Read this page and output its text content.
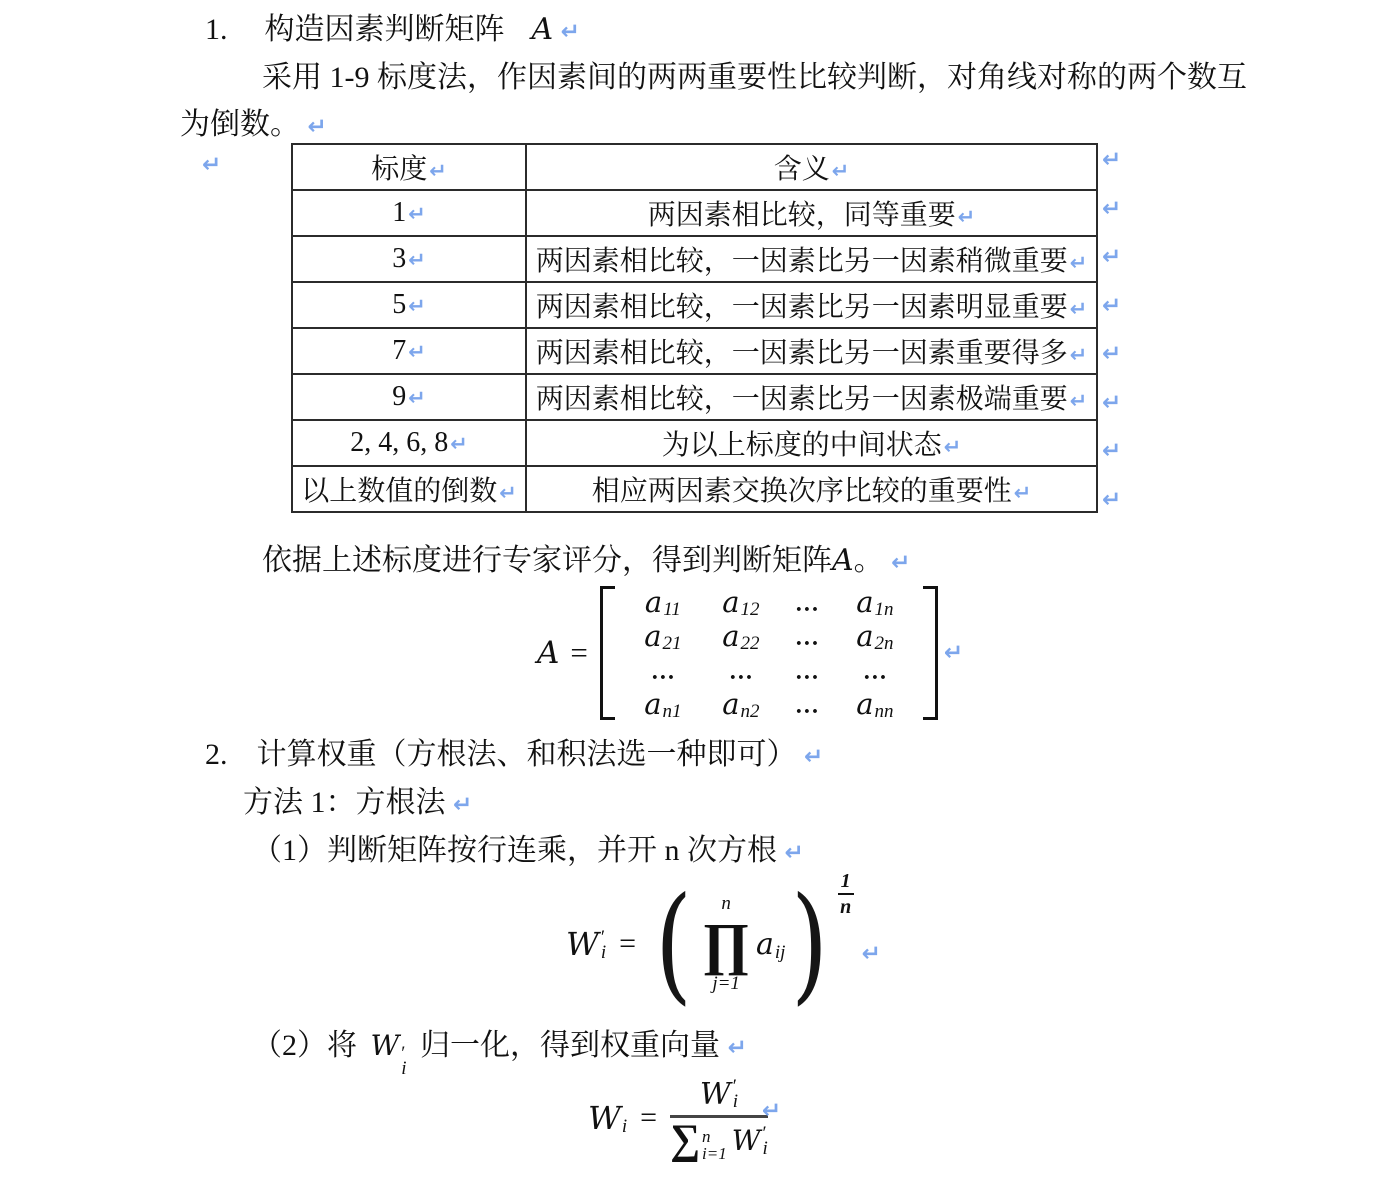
1. 构造因素判断矩阵 A ↵
采用 1-9 标度法，作因素间的两两重要性比较判断，对角线对称的两个数互
为倒数。 ↵
↵	标度↵	含义↵
1↵	两因素相比较，同等重要↵
3↵	两因素相比较，一因素比另一因素稍微重要↵
5↵	两因素相比较，一因素比另一因素明显重要↵
7↵	两因素相比较，一因素比另一因素重要得多↵
9↵	两因素相比较，一因素比另一因素极端重要↵
2, 4, 6, 8↵	为以上标度的中间状态↵
以上数值的倒数↵	相应两因素交换次序比较的重要性↵
↵
↵
↵
↵
↵
↵
↵
↵
依据上述标度进行专家评分，得到判断矩阵A。 ↵
A =
a 11 a 12 … a 1n
a 21 a 22 … a 2n
… … … …
a n1 a n2 … a nn
↵
2. 计算权重（方根法、和积法选一种即可） ↵
方法 1：方根法 ↵
（1）判断矩阵按行连乘，并开 n 次方根 ↵
W ′
i = ( n
∏
j=1
a ij ) 1
n
↵
（2）将 W ′
i
归一化，得到权重向量 ↵
W i =
W ′
i
∑ n
i=1 W ′
i
↵
